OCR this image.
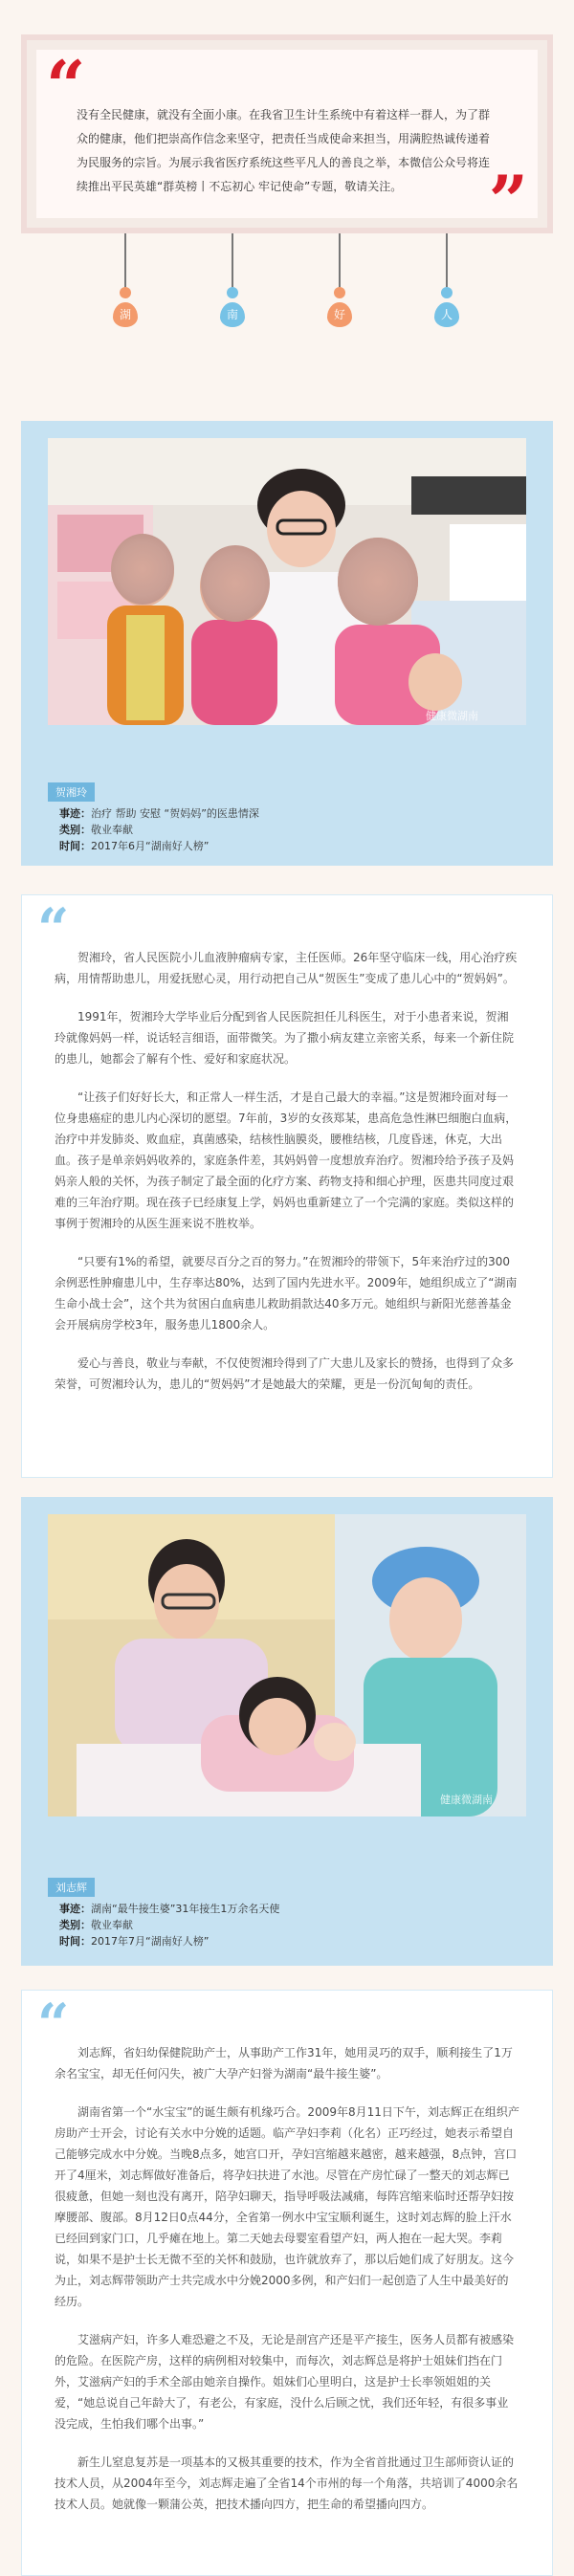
“

没有全民健康，就没有全面小康。在我省卫生计生系统中有着这样一群人，为了群众的健康，他们把崇高作信念来坚守，把责任当成使命来担当，用满腔热诚传递着为民服务的宗旨。为展示我省医疗系统这些平凡人的善良之举，本微信公众号将连续推出平民英雄“群英榜丨不忘初心 牢记使命”专题，敬请关注。	”
湖	南	好	人
健康微湖南
贺湘玲
事迹：治疗 帮助 安慰 “贺妈妈”的医患情深
类别：敬业奉献
时间：2017年6月“湖南好人榜”
“ 贺湘玲，省人民医院小儿血液肿瘤病专家，主任医师。26年坚守临床一线，用心治疗疾病，用情帮助患儿，用爱抚慰心灵，用行动把自己从“贺医生”变成了患儿心中的“贺妈妈”。

1991年，贺湘玲大学毕业后分配到省人民医院担任儿科医生，对于小患者来说，贺湘玲就像妈妈一样，说话轻言细语，面带微笑。为了撒小病友建立亲密关系，每来一个新住院的患儿，她都会了解有个性、爱好和家庭状况。

“让孩子们好好长大，和正常人一样生活，才是自己最大的幸福。”这是贺湘玲面对每一位身患癌症的患儿内心深切的愿望。7年前，3岁的女孩郑某，患高危急性淋巴细胞白血病，治疗中并发肺炎、败血症，真菌感染，结核性脑膜炎，腰椎结核，几度昏迷，休克，大出血。孩子是单亲妈妈收养的，家庭条件差，其妈妈曾一度想放弃治疗。贺湘玲给予孩子及妈妈亲人般的关怀，为孩子制定了最全面的化疗方案、药物支持和细心护理，医患共同度过艰难的三年治疗期。现在孩子已经康复上学，妈妈也重新建立了一个完满的家庭。类似这样的事例于贺湘玲的从医生涯来说不胜枚举。

“只要有1%的希望，就要尽百分之百的努力。”在贺湘玲的带领下，5年来治疗过的300余例恶性肿瘤患儿中，生存率达80%，达到了国内先进水平。2009年，她组织成立了“湖南生命小战士会”，这个共为贫困白血病患儿救助捐款达40多万元。她组织与新阳光慈善基金会开展病房学校3年，服务患儿1800余人。

爱心与善良，敬业与奉献，不仅使贺湘玲得到了广大患儿及家长的赞扬，也得到了众多荣誉，可贺湘玲认为，患儿的“贺妈妈”才是她最大的荣耀，更是一份沉甸甸的责任。

健康微湖南
刘志辉
事迹：湖南“最牛接生婆”31年接生1万余名天使
类别：敬业奉献
时间：2017年7月“湖南好人榜”
“ 刘志辉，省妇幼保健院助产士，从事助产工作31年，她用灵巧的双手，顺利接生了1万余名宝宝，却无任何闪失，被广大孕产妇誉为湖南“最牛接生婆”。

湖南省第一个“水宝宝”的诞生颇有机缘巧合。2009年8月11日下午，刘志辉正在组织产房助产士开会，讨论有关水中分娩的适题。临产孕妇李莉（化名）正巧经过，她表示希望自己能够完成水中分娩。当晚8点多，她宫口开，孕妇宫缩越来越密，越来越强，8点钟，宫口开了4厘米，刘志辉做好准备后，将孕妇扶进了水池。尽管在产房忙碌了一整天的刘志辉已很疲惫，但她一刻也没有离开，陪孕妇聊天，指导呼吸法减痛，每阵宫缩来临时还帮孕妇按摩腰部、腹部。8月12日0点44分，全省第一例水中宝宝顺利诞生，这时刘志辉的脸上汗水已经回到家门口，几乎瘫在地上。第二天她去母婴室看望产妇，两人抱在一起大哭。李莉说，如果不是护士长无微不至的关怀和鼓励，也许就放弃了，那以后她们成了好朋友。这今为止，刘志辉带领助产士共完成水中分娩2000多例，和产妇们一起创造了人生中最美好的经历。

艾滋病产妇，许多人难恐避之不及，无论是剖宫产还是平产接生，医务人员都有被感染的危险。在医院产房，这样的病例相对较集中，而每次，刘志辉总是将护士姐妹们挡在门外，艾滋病产妇的手术全部由她亲自操作。姐妹们心里明白，这是护士长率领姐姐的关爱，“她总说自己年龄大了，有老公，有家庭，没什么后顾之忧，我们还年轻，有很多事业没完成，生怕我们哪个出事。”

新生儿窒息复苏是一项基本的又极其重要的技术，作为全省首批通过卫生部师资认证的技术人员，从2004年至今，刘志辉走遍了全省14个市州的每一个角落，共培训了4000余名技术人员。她就像一颗蒲公英，把技术播向四方，把生命的希望播向四方。
